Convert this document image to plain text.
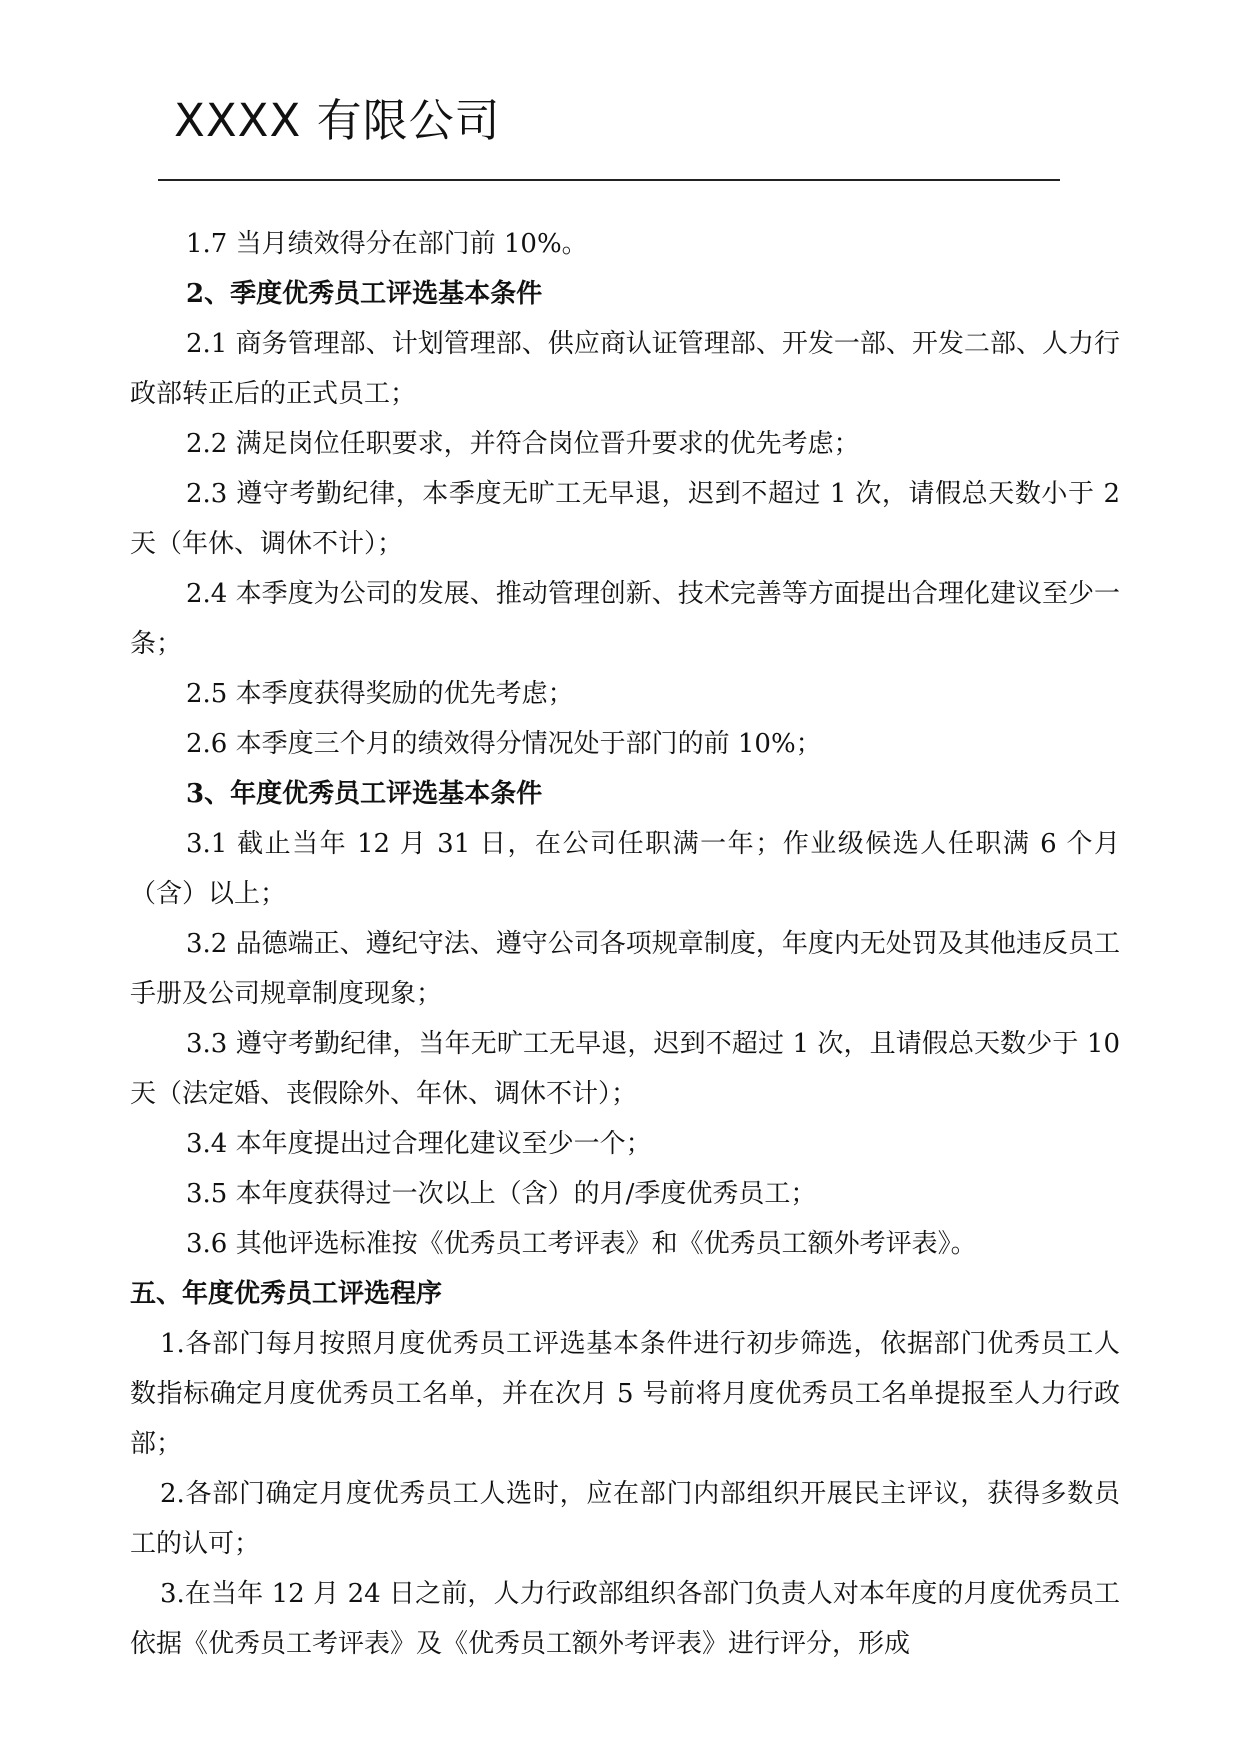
XXXX 有限公司

1.7 当月绩效得分在部门前 10%。

2、季度优秀员工评选基本条件

2.1 商务管理部、计划管理部、供应商认证管理部、开发一部、开发二部、人力行政部转正后的正式员工；

2.2 满足岗位任职要求，并符合岗位晋升要求的优先考虑；

2.3 遵守考勤纪律，本季度无旷工无早退，迟到不超过 1 次，请假总天数小于 2 天（年休、调休不计）；

2.4 本季度为公司的发展、推动管理创新、技术完善等方面提出合理化建议至少一条；

2.5 本季度获得奖励的优先考虑；

2.6 本季度三个月的绩效得分情况处于部门的前 10%；

3、年度优秀员工评选基本条件

3.1 截止当年 12 月 31 日，在公司任职满一年；作业级候选人任职满 6 个月（含）以上；

3.2 品德端正、遵纪守法、遵守公司各项规章制度，年度内无处罚及其他违反员工手册及公司规章制度现象；

3.3 遵守考勤纪律，当年无旷工无早退，迟到不超过 1 次，且请假总天数少于 10 天（法定婚、丧假除外、年休、调休不计）；

3.4 本年度提出过合理化建议至少一个；

3.5 本年度获得过一次以上（含）的月/季度优秀员工；

3.6 其他评选标准按《优秀员工考评表》和《优秀员工额外考评表》。

五、年度优秀员工评选程序

1.各部门每月按照月度优秀员工评选基本条件进行初步筛选，依据部门优秀员工人数指标确定月度优秀员工名单，并在次月 5 号前将月度优秀员工名单提报至人力行政部；

2.各部门确定月度优秀员工人选时，应在部门内部组织开展民主评议，获得多数员工的认可；

3.在当年 12 月 24 日之前，人力行政部组织各部门负责人对本年度的月度优秀员工依据《优秀员工考评表》及《优秀员工额外考评表》进行评分，形成
